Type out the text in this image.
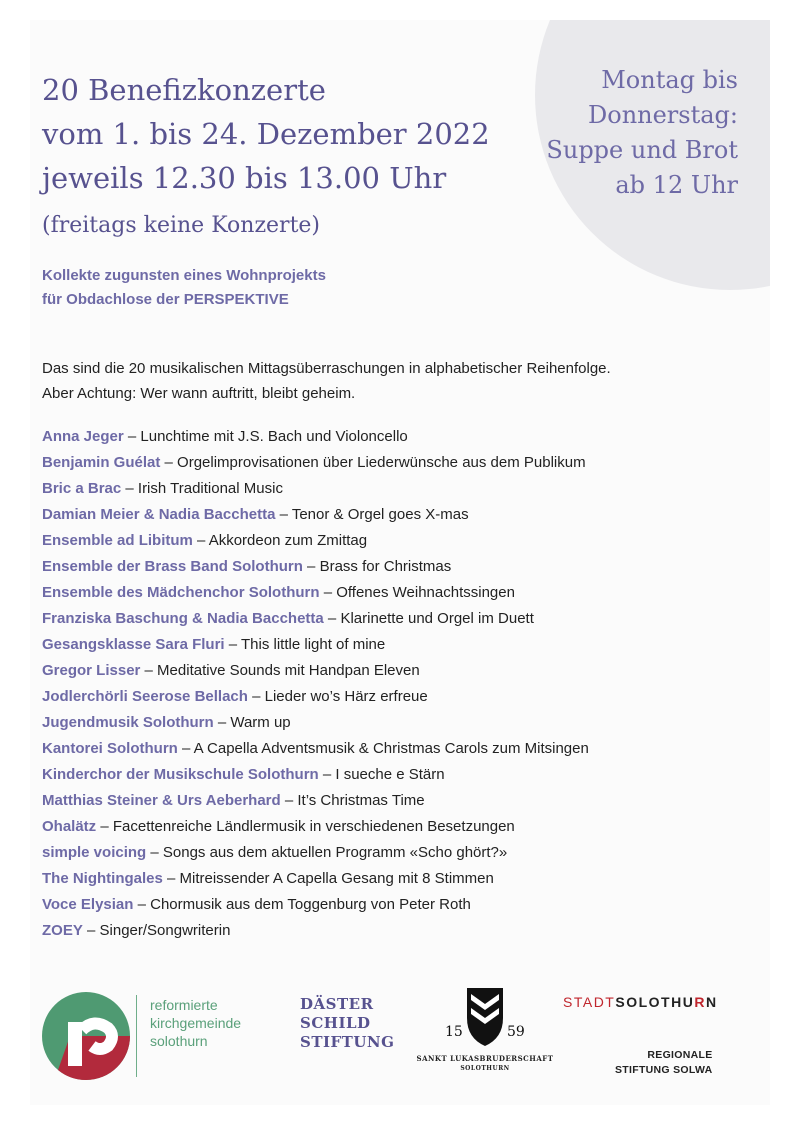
Montag bis
Donnerstag:
Suppe und Brot
ab 12 Uhr
20 Benefizkonzerte
vom 1. bis 24. Dezember 2022
jeweils 12.30 bis 13.00 Uhr
(freitags keine Konzerte)
Kollekte zugunsten eines Wohnprojekts
für Obdachlose der PERSPEKTIVE
Das sind die 20 musikalischen Mittagsüberraschungen in alphabetischer Reihenfolge.
Aber Achtung: Wer wann auftritt, bleibt geheim.
Anna Jeger – Lunchtime mit J.S. Bach und Violoncello
Benjamin Guélat – Orgelimprovisationen über Liederwünsche aus dem Publikum
Bric a Brac – Irish Traditional Music
Damian Meier & Nadia Bacchetta – Tenor & Orgel goes X-mas
Ensemble ad Libitum – Akkordeon zum Zmittag
Ensemble der Brass Band Solothurn – Brass for Christmas
Ensemble des Mädchenchor Solothurn – Offenes Weihnachtssingen
Franziska Baschung & Nadia Bacchetta – Klarinette und Orgel im Duett
Gesangsklasse Sara Fluri – This little light of mine
Gregor Lisser – Meditative Sounds mit Handpan Eleven
Jodlerchörli Seerose Bellach – Lieder wo’s Härz erfreue
Jugendmusik Solothurn – Warm up
Kantorei Solothurn – A Capella Adventsmusik & Christmas Carols zum Mitsingen
Kinderchor der Musikschule Solothurn – I sueche e Stärn
Matthias Steiner & Urs Aeberhard – It’s Christmas Time
Ohalätz – Facettenreiche Ländlermusik in verschiedenen Besetzungen
simple voicing – Songs aus dem aktuellen Programm «Scho ghört?»
The Nightingales – Mitreissender A Capella Gesang mit 8 Stimmen
Voce Elysian – Chormusik aus dem Toggenburg von Peter Roth
ZOEY – Singer/Songwriterin
reformierte
kirchgemeinde
solothurn
DÄSTER
SCHILD
STIFTUNG
15	59
SANKT LUKASBRUDERSCHAFT
SOLOTHURN
STADTSOLOTHURN
REGIONALE
STIFTUNG SOLWA
